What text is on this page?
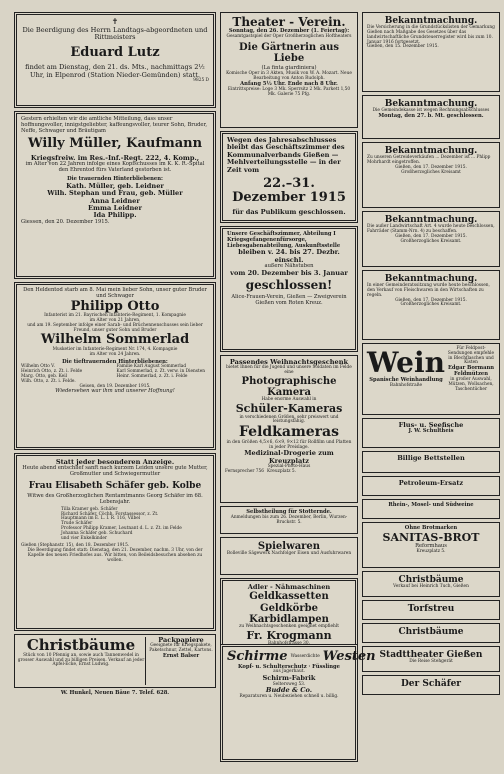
✝
Die Beerdigung des Herrn Landtags-abgeordneten und Rittmeisters
Eduard Lutz
findet am Dienstag, den 21. ds. Mts., nachmittags 2½ Uhr, in Elpenrod (Station Nieder-Gemünden) statt.
9825 D
Gestern erhielten wir die amtliche Mitteilung, dass unser hoffnungsvoller, innigstgeliebter, kaffeungsvoller, teurer Sohn, Bruder, Neffe, Schwager und Bräutigam
Willy Müller, Kaufmann
Kriegsfreiw. im Res.-Inf.-Regt. 222, 4. Komp.,
im Alter von 22 Jahren infolge eines Kopfschusses im K. K. R.-Spital den Ehrentod fürs Vaterland gestorben ist.
Die trauernden Hinterbliebenen:
Kath. Müller, geb. Leidner
Wilh. Stephan und Frau, geb. Müller
Anna Leidner
Emma Leidner
Ida Philipp.
Giessen, den 20. Dezember 1915.
Den Heldentod starb am 8. Mai mein lieber Sohn, unser guter Bruder und Schwager
Philipp Otto
Infanterist im 21. Bayrischen Infanterie-Regiment, 1. Kompagnie
im Alter von 21 Jahren,
und am 19. September infolge einer Sarab- und Brüchennenschusses sein lieber Freund, unser guter Sohn und Bruder
Wilhelm Sommerlad
Musketier im Infanterie-Regiment Nr. 174, 4. Kompagnie
im Alter von 24 Jahren.
Die tieftrauernden Hinterbliebenen:
Wilhelm Otto V.
Heinrich Otto, z. Zt. i. Felde
Marg. Otto, geb. Keil
Wilh. Otto, z. Zt. i. Felde.
Familie Karl August Sommerlad
Karl Sommerlad, z. Zt. verw. in Diensten
Heinr. Sommerlad, z. Zt. i. Felde
Geisen, den 19. Dezember 1915.
Wiedersehen war ihm und unserer Hoffnung!
Statt jeder besonderen Anzeige.
Heute abend entschlief sanft nach kurzem Leiden unsere gute Mutter, Großmutter und Schwiegermutter
Frau Elisabeth Schäfer geb. Kolbe
Witwe des Großherzoglichen Rentamtmanns Georg Schäfer im 68. Lebensjahr.
Tilla Kramer geb. Schäfer
Richard Schäfer, Cöchh. Forstassessor, z. Zt.
Hauptmann im E. L. I. R. 116, Vilbel
Trude Schäfer
Professor Philipp Kramer, Leutnant d. L. z. Zt. im Felde
Johanna Schäfer geb. Schuchard
und vier Enkelkinder
Gießen (Stephanstr. 15), den 18. Dezember 1915.
Die Beerdigung findet statt: Dienstag, den 21. Dezember, nachm. 3 Uhr, von der Kapelle des neuen Friedhofes aus. Wir bitten, von Beileidsbesuchen absehen zu wollen.
Christbäume
Stück von 10 Pfennig an, sowie auch Tannenwedel in grosser Auswahl und zu billigen Preisen. Verkauf an jeder Apfel-Ecke, Ernst Ludwig.
Packpapiere
Geeignete für Kriegspakete, Paketschnur, Zettel, Kartons.
Ernst Balser
W. Hunkel, Neuen Bäue 7. Telef. 628.
Theater - Verein.
Sonntag, den 26. Dezember (1. Feiertag):
Gesamtgastspiel der Oper Großherzoglichen Hoftheaters
Die Gärtnerin aus Liebe
(La finta giardiniera)
Komische Oper in 3 Akten, Musik von W. A. Mozart. Neue Bearbeitung von Anton Rudolph.
Anfang 5½ Uhr. Ende nach 8 Uhr.
Eintrittspreise: Loge 3 Mk. Sperrsitz 2 Mk. Parkett 1,50 Mk. Galerie 75 Pfg.
Wegen des Jahresabschlusses bleibt das Geschäftszimmer des Kommunalverbands Gießen — Mehlverteilungsstelle — in der Zeit vom
22.–31. Dezember 1915
für das Publikum geschlossen.
Unsere Geschäftszimmer, Abteilung I Kriegsgefangenenfürsorge, Liebesgabenabteilung, Auskunftsstelle
bleiben v. 24. bis 27. Dezbr. einschl.
außere Nähstuben
vom 20. Dezember bis 3. Januar
geschlossen!
Alice-Frauen-Verein, Gießen — Zweigverein Gießen vom Roten Kreuz.
Passendes Weihnachtsgeschenk
bietet Ihnen für die Jugend und unsere Soldaten im Felde eine
Photographische Kamera
Habe enorme Auswahl in
Schüler-Kameras
in verschiedenen Größen, sehr preiswert und leistungsfähig.
Feldkameras
in den Größen 4,5×6, 6×9, 9×12 für Rollfilm und Platten in jeder Preislage.
Medizinal-Drogerie zum Kreuzplatz
Spezial-Photo-Haus
Fernsprecher 756 Kreuzplatz 5.
Selbstheilung für Stotternde.
Anmeldungen bis zum 26. Dezember, Berlin, Wurzen-Bruckstr. 5.
Spielwaren
Bolleville Sägewerk Nachfolger Eisen und Ausfuhrwaren
Adler - Nähmaschinen
Geldkassetten
Geldkörbe
Karbidlampen
zu Weihnachtsgeschenken geeignet empfiehlt
Fr. Krogmann
Bekanntmachung.
Die Versicherung in die Grundstückslisten der Gemarkung Gießen nach Maßgabe des Gesetzes über das landwirtschaftliche Grundsteuerregister wird bis zum 10. Januar 1916 fortgesetzt.
Gießen, den 15. Dezember 1915.
Bekanntmachung.
Die Gemeindekasse ist wegen Rechnungsabschlusses
Montag, den 27. b. Mt. geschlossen.
Bekanntmachung.
Zu unseren Getreideverkäufen ... Dezember ist ... Phlipp Mohrhardt eingetroffen.
Gießen, den 17. Dezember 1915.
Großherzogliches Kreisamt
Bekanntmachung.
Die außer Landwirtschaft Art. 4 wurde heute beschlossen, Fahrräder (Stamm-Nrn. 4) zu beschaffen.
Gießen, den 17. Dezember 1915.
Großherzogliches Kreisamt.
Bekanntmachung.
In einer Gemeinderatssitzung wurde heute beschlossen, den Verkauf von Fleischwaren in den Wirtschaften zu regeln.
Gießen, den 17. Dezember 1915.
Großherzogliches Kreisamt.
Wein
Spanische Weinhandlung
Bahnhofstraße
Für Feldpost-Sendungen empfehle in Blechflaschen und Kisten
Edgar Bormann
Feldmützen
in großer Auswahl, Mützen, Wollsachen, Taschentücher
Flus- u. Seefische
J. W. Schultheis
Billige Bettstellen
Petroleum-Ersatz
Rhein-, Mosel- und Südweine
Ohne Brotmarken
SANITAS-BROT
Reformhaus
Kreuzplatz 5.
Christbäume
Verkauf bei Heinrich Tuch, Gießen
Torfstreu
Christbäume
Stadttheater Gießen
Die Reise Stehgerät
Der Schäfer
Schirme Wasserdichte Westen
Kopf- u. Schulterschutz · Füsslinge
aus Jagerhaut.
Schirm-Fabrik
Seltersweg 53.
Budde & Co.
Reparaturen u. Neubeziehen schnell u. billig.
